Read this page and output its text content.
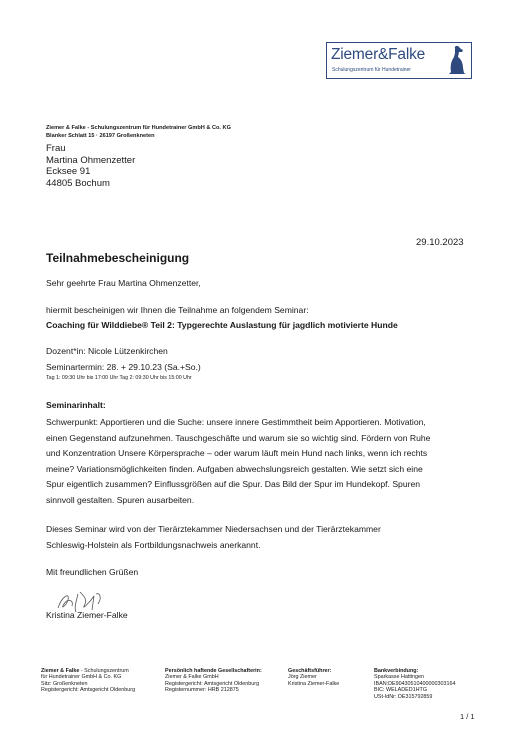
Ziemer&Falke
Schulungszentrum für Hundetrainer
Ziemer & Falke - Schulungszentrum für Hundetrainer GmbH & Co. KG
Blanker Schlatt 15 · 26197 Großenkneten
Frau
Martina Ohmenzetter
Ecksee 91
44805 Bochum
29.10.2023
Teilnahmebescheinigung
Sehr geehrte Frau Martina Ohmenzetter,
hiermit bescheinigen wir Ihnen die Teilnahme an folgendem Seminar:
Coaching für Wilddiebe® Teil 2: Typgerechte Auslastung für jagdlich motivierte Hunde
Dozent*in: Nicole Lützenkirchen
Seminartermin: 28. + 29.10.23 (Sa.+So.)
Tag 1: 09:30 Uhr bis 17:00 Uhr Tag 2: 09:30 Uhr bis 15:00 Uhr
Seminarinhalt:
Schwerpunkt: Apportieren und die Suche: unsere innere Gestimmtheit beim Apportieren. Motivation,
einen Gegenstand aufzunehmen. Tauschgeschäfte und warum sie so wichtig sind. Fördern von Ruhe
und Konzentration Unsere Körpersprache – oder warum läuft mein Hund nach links, wenn ich rechts
meine? Variationsmöglichkeiten finden. Aufgaben abwechslungsreich gestalten. Wie setzt sich eine
Spur eigentlich zusammen? Einflussgrößen auf die Spur. Das Bild der Spur im Hundekopf. Spuren
sinnvoll gestalten. Spuren ausarbeiten.
Dieses Seminar wird von der Tierärztekammer Niedersachsen und der Tierärztekammer
Schleswig-Holstein als Fortbildungsnachweis anerkannt.
Mit freundlichen Grüßen
Kristina Ziemer-Falke
Ziemer & Falke - Schulungszentrum
für Hundetrainer GmbH & Co. KG
Sitz: Großenkneten
Registergericht: Amtsgericht Oldenburg
Persönlich haftende Gesellschafterin:
Ziemer & Falke GmbH
Registergericht: Amtsgericht Oldenburg
Registernummer: HRB 212875
Geschäftsführer:
Jörg Ziemer
Kristina Ziemer-Falke
Bankverbindung:
Sparkasse Hattingen
IBAN:DE90430510400000303164
BIC: WELADED1HTG
USt-IdNr: DE315792859
1 / 1
